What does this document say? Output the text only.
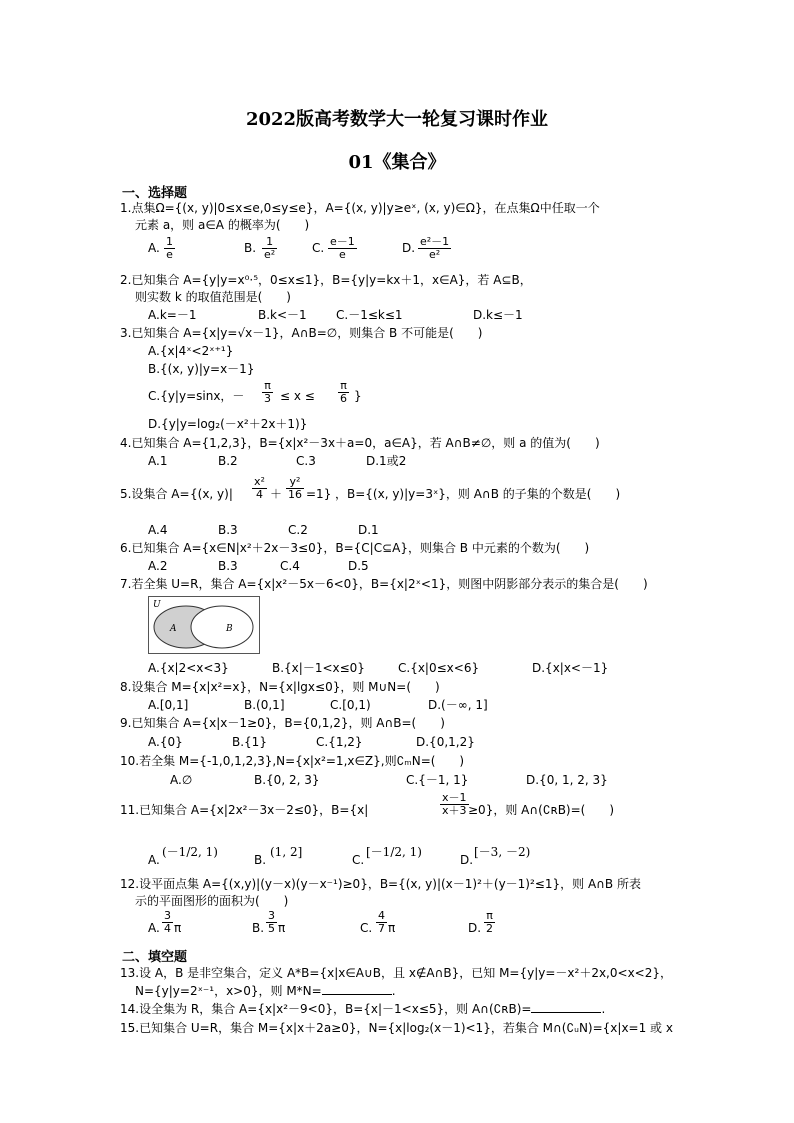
2022版高考数学大一轮复习课时作业
01《集合》
一、选择题
1.点集Ω={(x, y)|0≤x≤e,0≤y≤e}，A={(x, y)|y≥eˣ, (x, y)∈Ω}，在点集Ω中任取一个
元素 a，则 a∈A 的概率为(　　)
A. $\frac{1}{e}$	B. $\frac{1}{\text{e²}}$	C. $\frac{e-1}{e}$	D. $\frac{\text{e²－1}}{\text{e²}}$
2.已知集合 A={y|y=x⁰·⁵，0≤x≤1}，B={y|y=kx＋1，x∈A}，若 A⊆B，
则实数 k 的取值范围是(　　)
A.k=－1	B.k<－1 C.－1≤k≤1	D.k≤－1
3.已知集合 A={x|y=√x－1}，A∩B=∅，则集合 B 不可能是(　　)
A.{x|4ˣ<2ˣ⁺¹}
B.{(x, y)|y=x－1}
C.{y|y=sinx，－ $\frac{\pi}{3} \le x \le \frac{\pi}{6}$ }
D.{y|y=log₂(－x²＋2x＋1)}
4.已知集合 A={1,2,3}，B={x|x²－3x＋a=0，a∈A}，若 A∩B≠∅，则 a 的值为(　　)
A.1	B.2	C.3	D.1或2
5.设集合 A= {(x, $y)| \frac{\text{x²}}{4} + \frac{\text{y²}}{16} =1$} ，B={(x, y)|y=3ˣ}，则 A∩B 的子集的个数是(　　)
A.4	B.3	C.2	D.1
6.已知集合 A={x∈N|x²＋2x－3≤0}，B={C|C⊆A}，则集合 B 中元素的个数为(　　)
A.2	B.3	C.4	D.5
7.若全集 U=R，集合 A={x|x²－5x－6<0}，B={x|2ˣ<1}，则图中阴影部分表示的集合是(　　)
U
A	B
A.{x|2<x<3}	B.{x|－1<x≤0}	C.{x|0≤x<6}	D.{x|x<－1}
8.设集合 M={x|x²=x}，N={x|lgx≤0}，则 M∪N=(　　)
A.[0,1]	B.(0,1]	C.[0,1)	D.(－∞, 1]
9.已知集合 A={x|x－1≥0}，B={0,1,2}，则 A∩B=(　　)
A.{0}	B.{1}	C.{1,2}	D.{0,1,2}
10.若全集 M={-1,0,1,2,3},N={x|x²=1,x∈Z},则∁ₘN=(　　)
A.∅	B.{0, 2, 3}	C.{－1, 1}	D.{0, 1, 2, 3}
11.已知集合 A={x|2x²－3x－2≤0}，B={x|	$\frac{x-1}{x+3} \ge 0$}，则 A∩(∁ʀB)=(　　)
A.
(－1/2, 1)
B.
(1, 2]
C.
[－1/2, 1)
D.
[－3, －2)
12.设平面点集 A={(x,y)|(y－x)(y－x⁻¹)≥0}，B={(x, y)|(x－1)²＋(y－1)²≤1}，则 A∩B 所表
示的平面图形的面积为(　　)
A. $\frac{3}{4}$ π	B. $\frac{3}{5}$ π	C. $\frac{4}{7}$ π	D. $\frac{\pi}{2}$
二、填空题
13.设 A，B 是非空集合，定义 A*B={x|x∈A∪B，且 x∉A∩B}，已知 M={y|y=－x²＋2x,0<x<2}，
N={y|y=2ˣ⁻¹，x>0}，则 M*N=	.
14.设全集为 R，集合 A={x|x²－9<0}，B={x|－1<x≤5}，则 A∩(∁ʀB)=	.
15.已知集合 U=R，集合 M={x|x＋2a≥0}，N={x|log₂(x－1)<1}，若集合 M∩(∁ᵤN)={x|x=1 或 x
